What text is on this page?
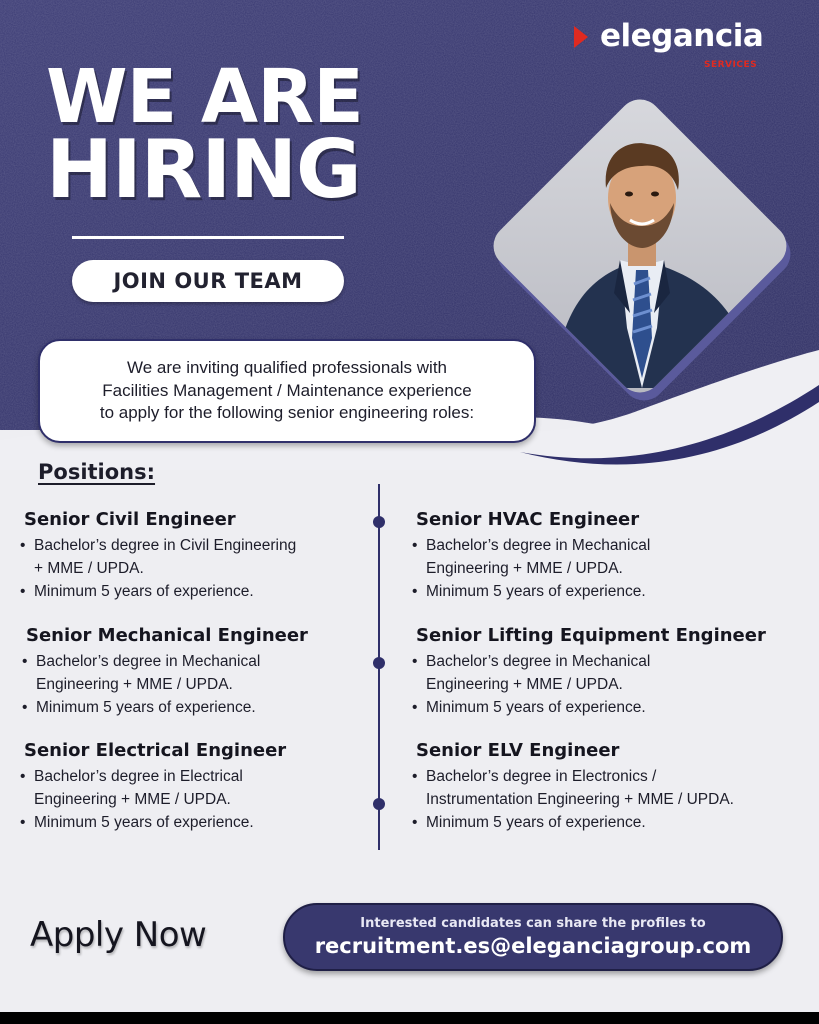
elegancia
SERVICES
WE ARE
HIRING
JOIN OUR TEAM
We are inviting qualified professionals with
Facilities Management / Maintenance experience
to apply for the following senior engineering roles:
Positions:
Senior Civil Engineer
• Bachelor’s degree in Civil Engineering
+ MME / UPDA.
• Minimum 5 years of experience.
Senior HVAC Engineer
• Bachelor’s degree in Mechanical
Engineering + MME / UPDA.
• Minimum 5 years of experience.
Senior Mechanical Engineer
• Bachelor’s degree in Mechanical
Engineering + MME / UPDA.
• Minimum 5 years of experience.
Senior Lifting Equipment Engineer
• Bachelor’s degree in Mechanical
Engineering + MME / UPDA.
• Minimum 5 years of experience.
Senior Electrical Engineer
• Bachelor’s degree in Electrical
Engineering + MME / UPDA.
• Minimum 5 years of experience.
Senior ELV Engineer
• Bachelor’s degree in Electronics /
Instrumentation Engineering + MME / UPDA.
• Minimum 5 years of experience.
Apply Now	Interested candidates can share the profiles to
recruitment.es@eleganciagroup.com
